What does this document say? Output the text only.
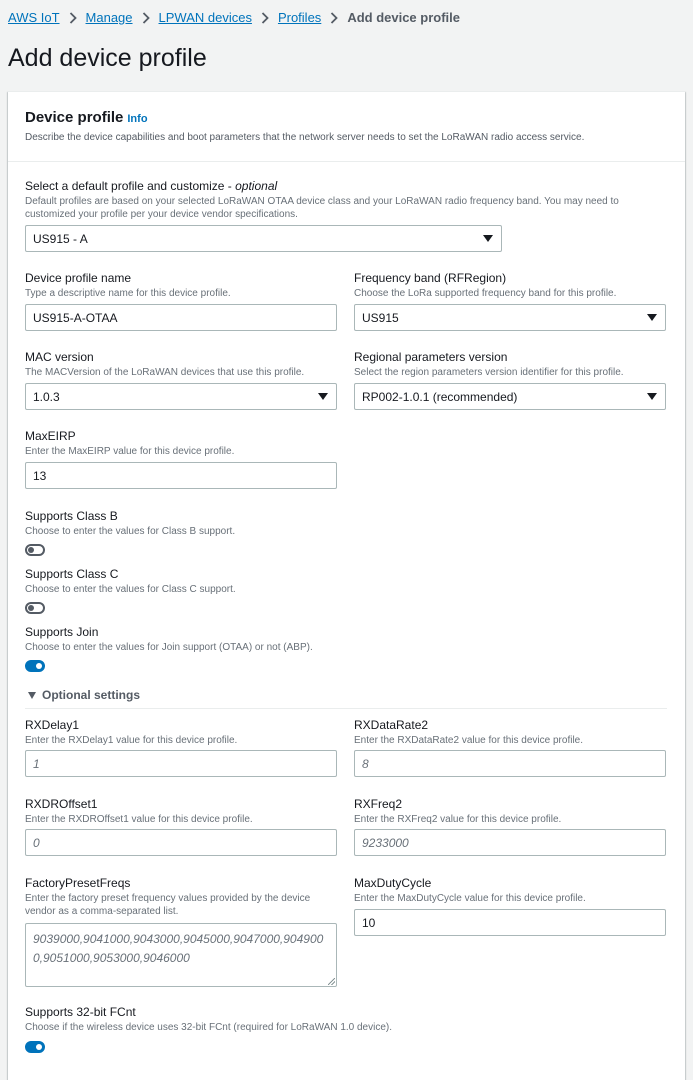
AWS IoT Manage LPWAN devices Profiles Add device profile
Add device profile
Device profile Info
Describe the device capabilities and boot parameters that the network server needs to set the LoRaWAN radio access service.
Select a default profile and customize - optional
Default profiles are based on your selected LoRaWAN OTAA device class and your LoRaWAN radio frequency band. You may need to customized your profile per your device vendor specifications.
US915 - A
Device profile name
Type a descriptive name for this device profile.
US915-A-OTAA
Frequency band (RFRegion)
Choose the LoRa supported frequency band for this profile.
US915
MAC version
The MACVersion of the LoRaWAN devices that use this profile.
1.0.3
Regional parameters version
Select the region parameters version identifier for this profile.
RP002-1.0.1 (recommended)
MaxEIRP
Enter the MaxEIRP value for this device profile.
13
Supports Class B
Choose to enter the values for Class B support.
Supports Class C
Choose to enter the values for Class C support.
Supports Join
Choose to enter the values for Join support (OTAA) or not (ABP).
Optional settings
RXDelay1
Enter the RXDelay1 value for this device profile.
1
RXDataRate2
Enter the RXDataRate2 value for this device profile.
8
RXDROffset1
Enter the RXDROffset1 value for this device profile.
0
RXFreq2
Enter the RXFreq2 value for this device profile.
9233000
FactoryPresetFreqs
Enter the factory preset frequency values provided by the device vendor as a comma-separated list.
9039000,9041000,9043000,9045000,9047000,9049000,9051000,9053000,9046000
MaxDutyCycle
Enter the MaxDutyCycle value for this device profile.
10
Supports 32-bit FCnt
Choose if the wireless device uses 32-bit FCnt (required for LoRaWAN 1.0 device).
